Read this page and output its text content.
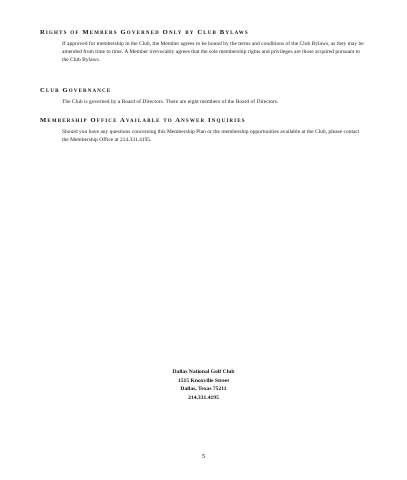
Rights of Members Governed Only by Club Bylaws

If approved for membership in the Club, the Member agrees to be bound by the terms and conditions of the Club Bylaws, as they may be amended from time to time. A Member irrevocably agrees that the sole membership rights and privileges are those acquired pursuant to the Club Bylaws.

Club Governance

The Club is governed by a Board of Directors. There are eight members of the Board of Directors.

Membership Office Available to Answer Inquiries

Should you have any questions concerning this Membership Plan or the membership opportunities available at the Club, please contact the Membership Office at 214.331.4195.

Dallas National Golf Club
1515 Knoxville Street
Dallas, Texas 75211
214.331.4195
5
